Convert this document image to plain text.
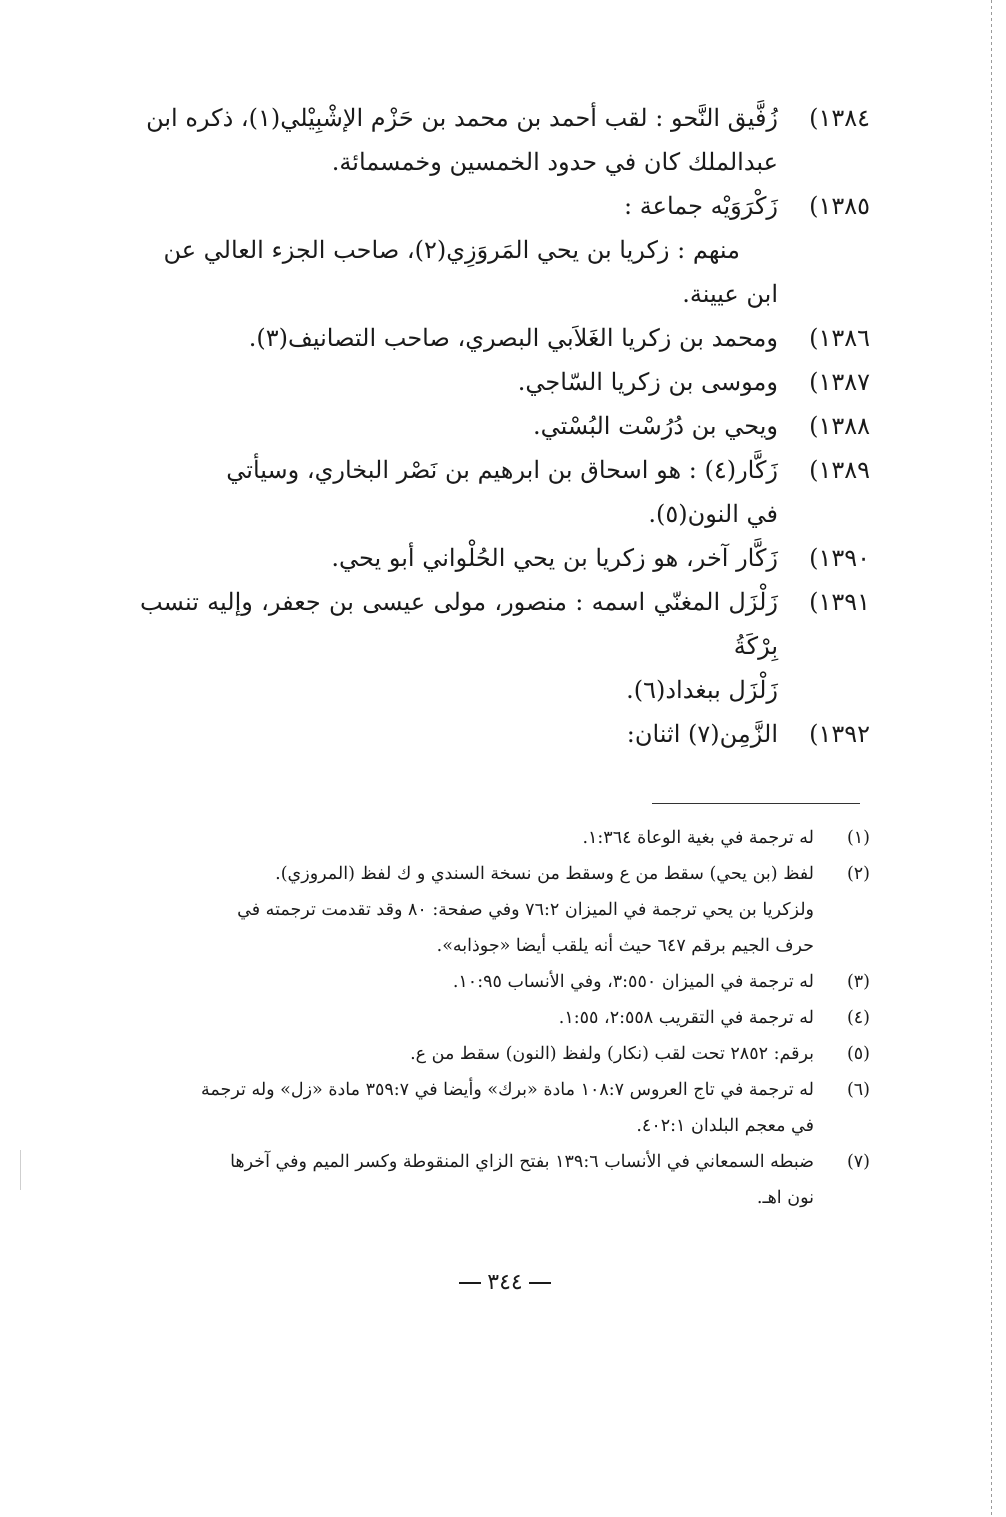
١٣٨٤)
زُفَّيق النَّحو : لقب أحمد بن محمد بن حَزْم الإشْبِيْلي(١)، ذكره ابن
عبدالملك كان في حدود الخمسين وخمسمائة.
١٣٨٥)
زَكْرَوَيْه جماعة :
منهم : زكريا بن يحي المَروَزِي(٢)، صاحب الجزء العالي عن
ابن عيينة.
١٣٨٦)
ومحمد بن زكريا الغَلاَبي البصري، صاحب التصانيف(٣).
١٣٨٧)
وموسى بن زكريا السّاجي.
١٣٨٨)
ويحي بن دُرُسْت البُسْتي.
١٣٨٩)
زَكَّار(٤) : هو اسحاق بن ابرهيم بن نَصْر البخاري، وسيأتي
في النون(٥).
١٣٩٠)
زَكَّار آخر، هو زكريا بن يحي الحُلْواني أبو يحي.
١٣٩١)
زَلْزَل المغنّي اسمه : منصور، مولى عيسى بن جعفر، وإليه تنسب بِرْكَةُ
زَلْزَل ببغداد(٦).
١٣٩٢)
الزَّمِن(٧) اثنان:
(١)
له ترجمة في بغية الوعاة ١:٣٦٤.
(٢)
لفظ (بن يحي) سقط من ع وسقط من نسخة السندي و ك لفظ (المروزي).
ولزكريا بن يحي ترجمة في الميزان ٧٦:٢ وفي صفحة: ٨٠ وقد تقدمت ترجمته في
حرف الجيم برقم ٦٤٧ حيث أنه يلقب أيضا «جوذابه».
(٣)
له ترجمة في الميزان ٣:٥٥٠، وفي الأنساب ١٠:٩٥.
(٤)
له ترجمة في التقريب ٢:٥٥٨، ١:٥٥.
(٥)
برقم: ٢٨٥٢ تحت لقب (نكار) ولفظ (النون) سقط من ع.
(٦)
له ترجمة في تاج العروس ١٠٨:٧ مادة «برك» وأيضا في ٣٥٩:٧ مادة «زل» وله ترجمة
في معجم البلدان ٤٠٢:١.
(٧)
ضبطه السمعاني في الأنساب ١٣٩:٦ بفتح الزاي المنقوطة وكسر الميم وفي آخرها
نون اهـ.
٣٤٤
